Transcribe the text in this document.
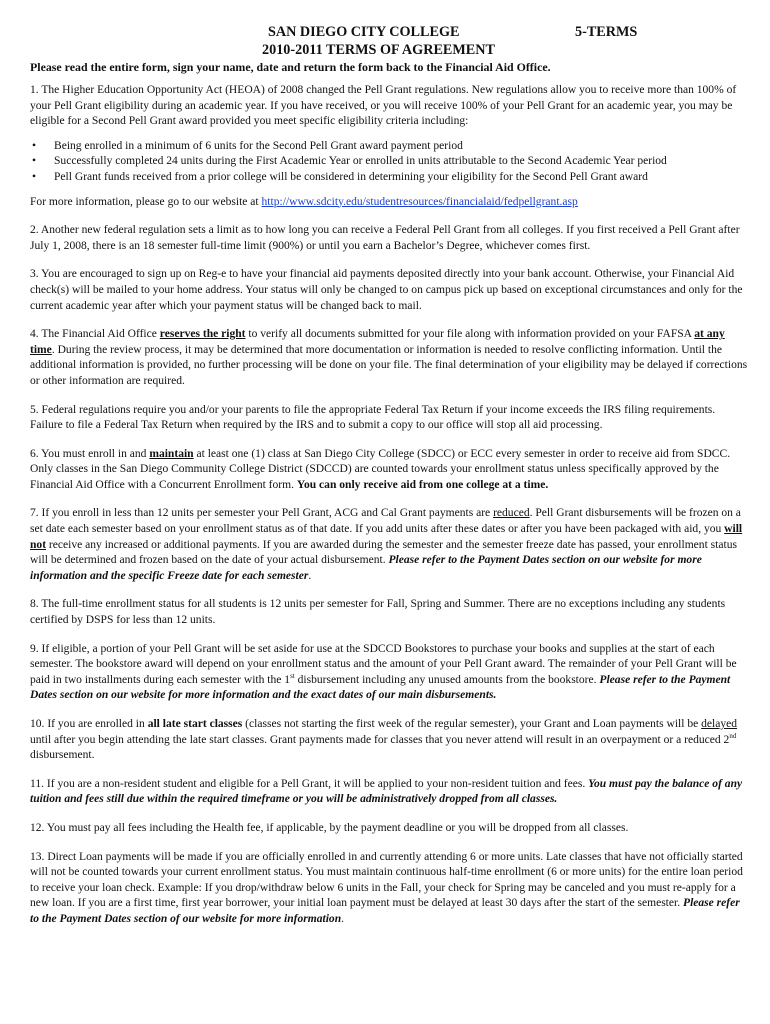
SAN DIEGO CITY COLLEGE	5-TERMS
2010-2011 TERMS OF AGREEMENT
Please read the entire form, sign your name, date and return the form back to the Financial Aid Office.

1. The Higher Education Opportunity Act (HEOA) of 2008 changed the Pell Grant regulations. New regulations allow you to receive more than 100% of your Pell Grant eligibility during an academic year. If you have received, or you will receive 100% of your Pell Grant for an academic year, you may be eligible for a Second Pell Grant award provided you meet specific eligibility criteria including:

• Being enrolled in a minimum of 6 units for the Second Pell Grant award payment period
• Successfully completed 24 units during the First Academic Year or enrolled in units attributable to the Second Academic Year period
• Pell Grant funds received from a prior college will be considered in determining your eligibility for the Second Pell Grant award

For more information, please go to our website at http://www.sdcity.edu/studentresources/financialaid/fedpellgrant.asp

2. Another new federal regulation sets a limit as to how long you can receive a Federal Pell Grant from all colleges. If you first received a Pell Grant after July 1, 2008, there is an 18 semester full-time limit (900%) or until you earn a Bachelor’s Degree, whichever comes first.

3. You are encouraged to sign up on Reg-e to have your financial aid payments deposited directly into your bank account. Otherwise, your Financial Aid check(s) will be mailed to your home address. Your status will only be changed to on campus pick up based on exceptional circumstances and only for the current academic year after which your payment status will be changed back to mail.

4. The Financial Aid Office reserves the right to verify all documents submitted for your file along with information provided on your FAFSA at any time. During the review process, it may be determined that more documentation or information is needed to resolve conflicting information. Until the additional information is provided, no further processing will be done on your file. The final determination of your eligibility may be delayed if corrections or other information are required.

5. Federal regulations require you and/or your parents to file the appropriate Federal Tax Return if your income exceeds the IRS filing requirements. Failure to file a Federal Tax Return when required by the IRS and to submit a copy to our office will stop all aid processing.

6. You must enroll in and maintain at least one (1) class at San Diego City College (SDCC) or ECC every semester in order to receive aid from SDCC. Only classes in the San Diego Community College District (SDCCD) are counted towards your enrollment status unless specifically approved by the Financial Aid Office with a Concurrent Enrollment form. You can only receive aid from one college at a time.

7. If you enroll in less than 12 units per semester your Pell Grant, ACG and Cal Grant payments are reduced. Pell Grant disbursements will be frozen on a set date each semester based on your enrollment status as of that date. If you add units after these dates or after you have been packaged with aid, you will not receive any increased or additional payments. If you are awarded during the semester and the semester freeze date has passed, your enrollment status will be determined and frozen based on the date of your actual disbursement. Please refer to the Payment Dates section on our website for more information and the specific Freeze date for each semester.

8. The full-time enrollment status for all students is 12 units per semester for Fall, Spring and Summer. There are no exceptions including any students certified by DSPS for less than 12 units.

9. If eligible, a portion of your Pell Grant will be set aside for use at the SDCCD Bookstores to purchase your books and supplies at the start of each semester. The bookstore award will depend on your enrollment status and the amount of your Pell Grant award. The remainder of your Pell Grant will be paid in two installments during each semester with the 1st disbursement including any unused amounts from the bookstore. Please refer to the Payment Dates section on our website for more information and the exact dates of our main disbursements.

10. If you are enrolled in all late start classes (classes not starting the first week of the regular semester), your Grant and Loan payments will be delayed until after you begin attending the late start classes. Grant payments made for classes that you never attend will result in an overpayment or a reduced 2nd disbursement.

11. If you are a non-resident student and eligible for a Pell Grant, it will be applied to your non-resident tuition and fees. You must pay the balance of any tuition and fees still due within the required timeframe or you will be administratively dropped from all classes.

12. You must pay all fees including the Health fee, if applicable, by the payment deadline or you will be dropped from all classes.

13. Direct Loan payments will be made if you are officially enrolled in and currently attending 6 or more units. Late classes that have not officially started will not be counted towards your current enrollment status. You must maintain continuous half-time enrollment (6 or more units) for the entire loan period to receive your loan check. Example: If you drop/withdraw below 6 units in the Fall, your check for Spring may be canceled and you must re-apply for a new loan. If you are a first time, first year borrower, your initial loan payment must be delayed at least 30 days after the start of the semester. Please refer to the Payment Dates section of our website for more information.
